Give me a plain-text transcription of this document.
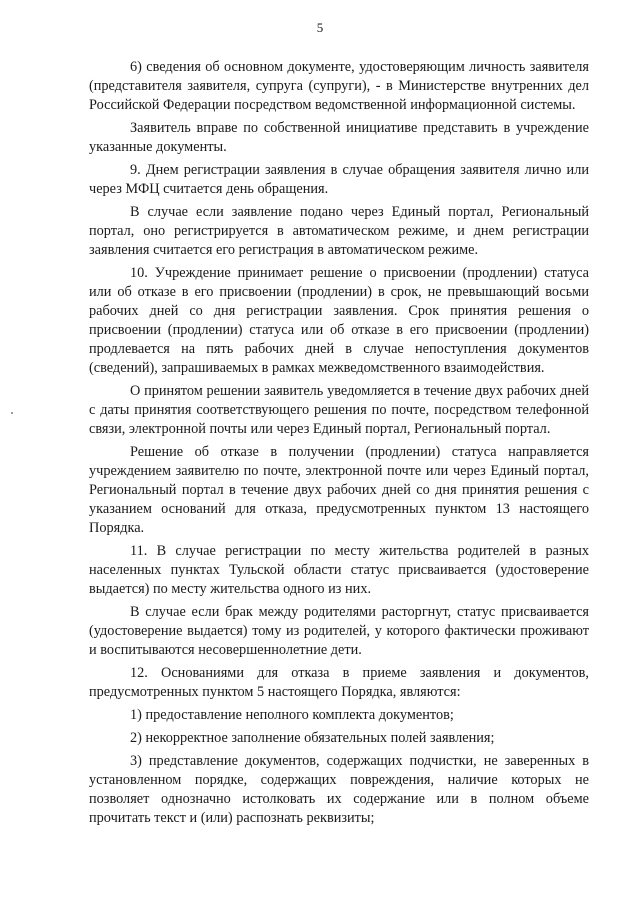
5

6) сведения об основном документе, удостоверяющим личность заявителя (представителя заявителя, супруга (супруги), - в Министерстве внутренних дел Российской Федерации посредством ведомственной информационной системы.

Заявитель вправе по собственной инициативе представить в учреждение указанные документы.

9. Днем регистрации заявления в случае обращения заявителя лично или через МФЦ считается день обращения.

В случае если заявление подано через Единый портал, Региональный портал, оно регистрируется в автоматическом режиме, и днем регистрации заявления считается его регистрация в автоматическом режиме.

10. Учреждение принимает решение о присвоении (продлении) статуса или об отказе в его присвоении (продлении) в срок, не превышающий восьми рабочих дней со дня регистрации заявления. Срок принятия решения о присвоении (продлении) статуса или об отказе в его присвоении (продлении) продлевается на пять рабочих дней в случае непоступления документов (сведений), запрашиваемых в рамках межведомственного взаимодействия.

О принятом решении заявитель уведомляется в течение двух рабочих дней с даты принятия соответствующего решения по почте, посредством телефонной связи, электронной почты или через Единый портал, Региональный портал.

Решение об отказе в получении (продлении) статуса направляется учреждением заявителю по почте, электронной почте или через Единый портал, Региональный портал в течение двух рабочих дней со дня принятия решения с указанием оснований для отказа, предусмотренных пунктом 13 настоящего Порядка.

11. В случае регистрации по месту жительства родителей в разных населенных пунктах Тульской области статус присваивается (удостоверение выдается) по месту жительства одного из них.

В случае если брак между родителями расторгнут, статус присваивается (удостоверение выдается) тому из родителей, у которого фактически проживают и воспитываются несовершеннолетние дети.

12. Основаниями для отказа в приеме заявления и документов, предусмотренных пунктом 5 настоящего Порядка, являются:

1) предоставление неполного комплекта документов;

2) некорректное заполнение обязательных полей заявления;

3) представление документов, содержащих подчистки, не заверенных в установленном порядке, содержащих повреждения, наличие которых не позволяет однозначно истолковать их содержание или в полном объеме прочитать текст и (или) распознать реквизиты;
